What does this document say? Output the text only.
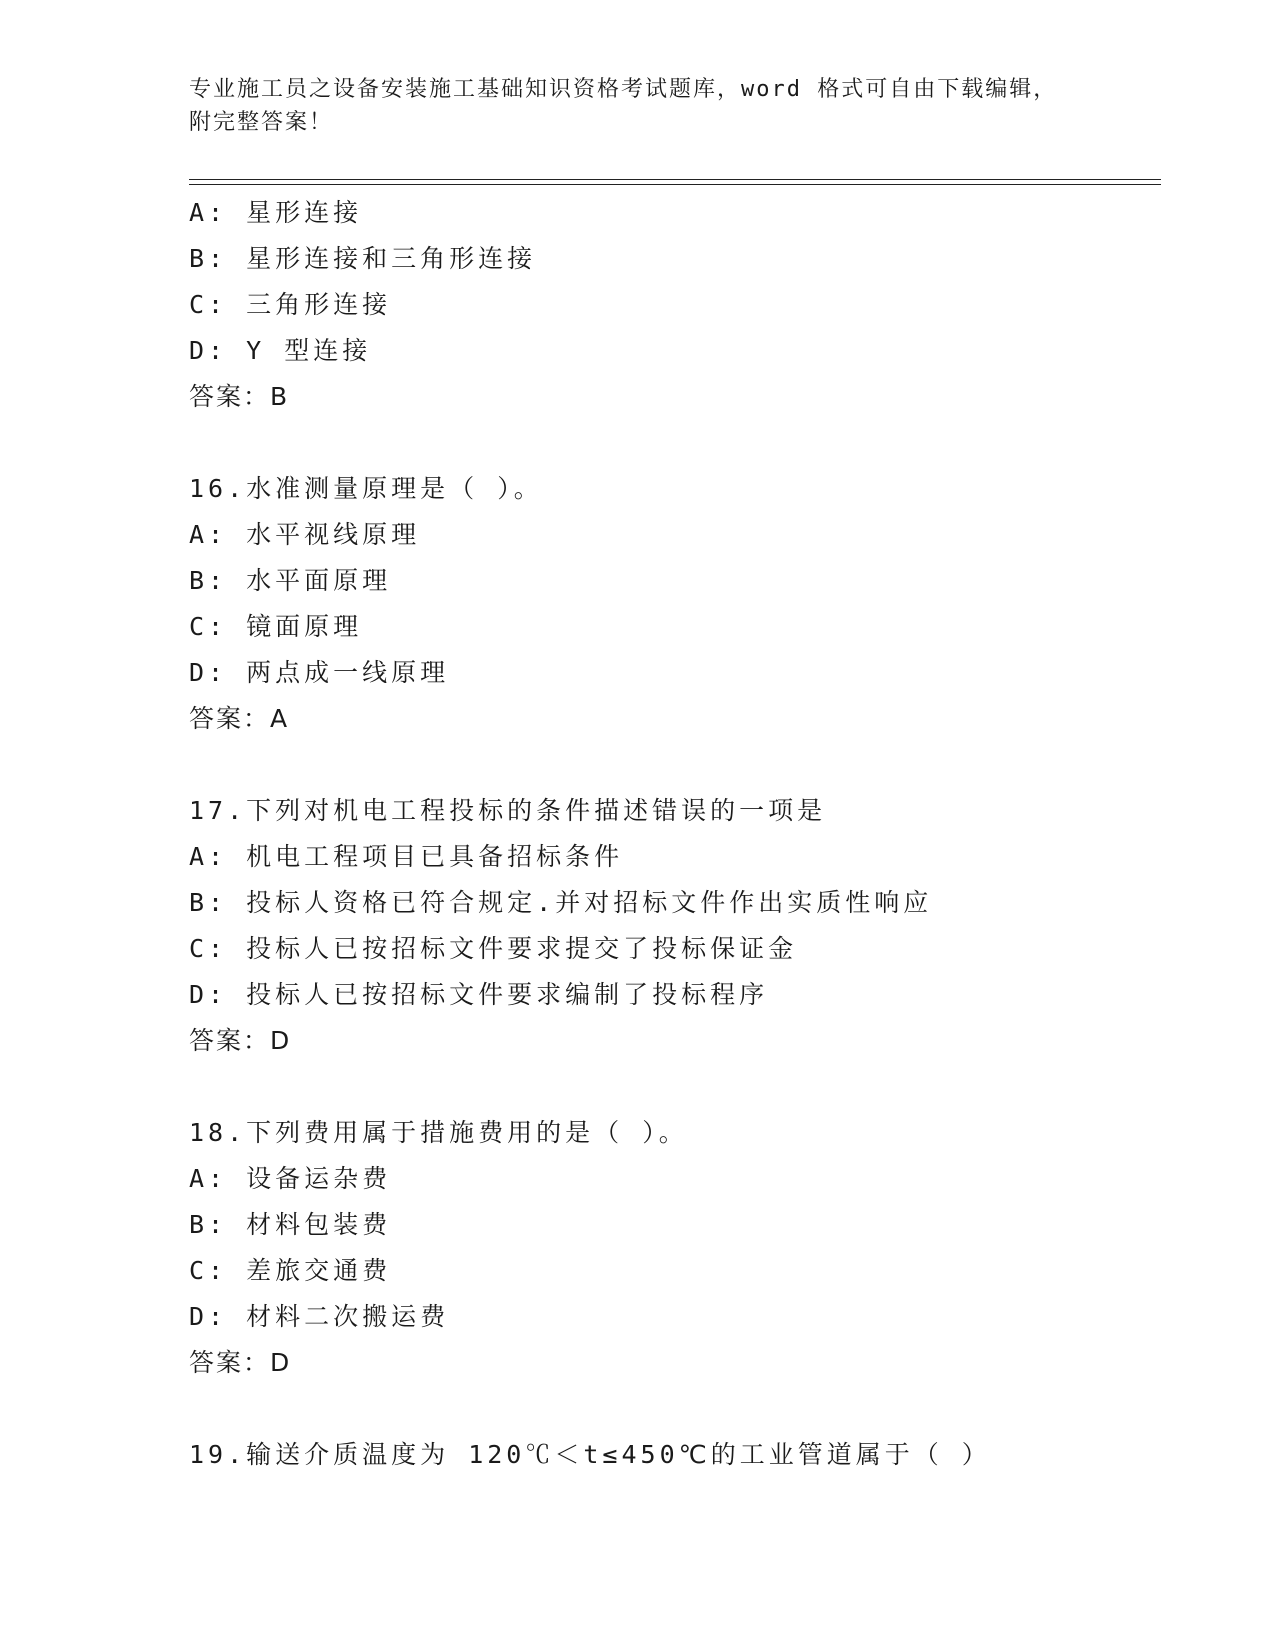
专业施工员之设备安装施工基础知识资格考试题库，word 格式可自由下载编辑，
附完整答案！
A: 星形连接
B: 星形连接和三角形连接
C: 三角形连接
D: Y 型连接
答案：B
16.水准测量原理是（ ）。
A: 水平视线原理
B: 水平面原理
C: 镜面原理
D: 两点成一线原理
答案：A
17.下列对机电工程投标的条件描述错误的一项是
A: 机电工程项目已具备招标条件
B: 投标人资格已符合规定.并对招标文件作出实质性响应
C: 投标人已按招标文件要求提交了投标保证金
D: 投标人已按招标文件要求编制了投标程序
答案：D
18.下列费用属于措施费用的是（ ）。
A: 设备运杂费
B: 材料包装费
C: 差旅交通费
D: 材料二次搬运费
答案：D
19.输送介质温度为 120℃＜t≤450℃的工业管道属于（ ）
